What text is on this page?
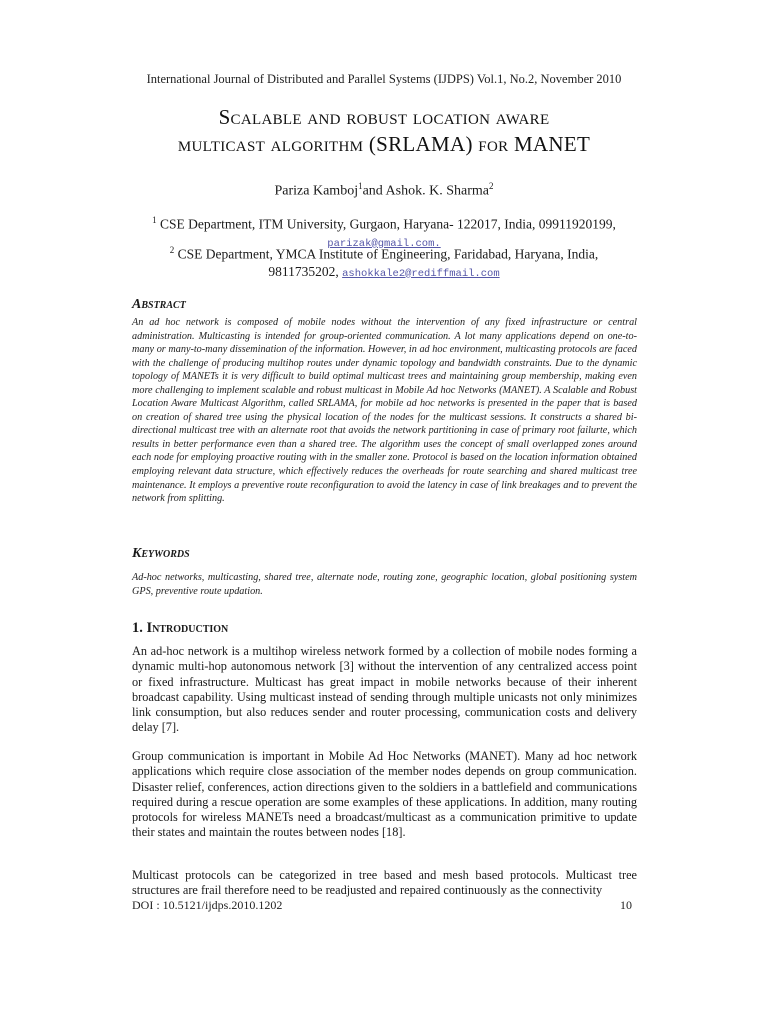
International Journal of Distributed and Parallel Systems (IJDPS) Vol.1, No.2, November 2010
Scalable and robust location aware
multicast algorithm (SRLAMA) for MANET
Pariza Kamboj$^1$and Ashok. K. Sharma$^2$
$^1$ CSE Department, ITM University, Gurgaon, Haryana- 122017, India, 09911920199,
parizak@gmail.com.
$^2$ CSE Department, YMCA Institute of Engineering, Faridabad, Haryana, India,
9811735202, ashokkale2@rediffmail.com
Abstract
An ad hoc network is composed of mobile nodes without the intervention of any fixed infrastructure or central administration. Multicasting is intended for group-oriented communication. A lot many applications depend on one-to-many or many-to-many dissemination of the information. However, in ad hoc environment, multicasting protocols are faced with the challenge of producing multihop routes under dynamic topology and bandwidth constraints. Due to the dynamic topology of MANETs it is very difficult to build optimal multicast trees and maintaining group membership, making even more challenging to implement scalable and robust multicast in Mobile Ad hoc Networks (MANET). A Scalable and Robust Location Aware Multicast Algorithm, called SRLAMA, for mobile ad hoc networks is presented in the paper that is based on creation of shared tree using the physical location of the nodes for the multicast sessions. It constructs a shared bi-directional multicast tree with an alternate root that avoids the network partitioning in case of primary root failurte, which results in better performance even than a shared tree. The algorithm uses the concept of small overlapped zones around each node for employing proactive routing with in the smaller zone. Protocol is based on the location information obtained employing relevant data structure, which effectively reduces the overheads for route searching and shared multicast tree maintenance. It employs a preventive route reconfiguration to avoid the latency in case of link breakages and to prevent the network from splitting.
Keywords
Ad-hoc networks, multicasting, shared tree, alternate node, routing zone, geographic location, global positioning system GPS, preventive route updation.
1. Introduction
An ad-hoc network is a multihop wireless network formed by a collection of mobile nodes forming a dynamic multi-hop autonomous network [3] without the intervention of any centralized access point or fixed infrastructure. Multicast has great impact in mobile networks because of their inherent broadcast capability. Using multicast instead of sending through multiple unicasts not only minimizes link consumption, but also reduces sender and router processing, communication costs and delivery delay [7].
Group communication is important in Mobile Ad Hoc Networks (MANET). Many ad hoc network applications which require close association of the member nodes depends on group communication. Disaster relief, conferences, action directions given to the soldiers in a battlefield and communications required during a rescue operation are some examples of these applications. In addition, many routing protocols for wireless MANETs need a broadcast/multicast as a communication primitive to update their states and maintain the routes between nodes [18].
Multicast protocols can be categorized in tree based and mesh based protocols. Multicast tree structures are frail therefore need to be readjusted and repaired continuously as the connectivity
DOI : 10.5121/ijdps.2010.1202	10
